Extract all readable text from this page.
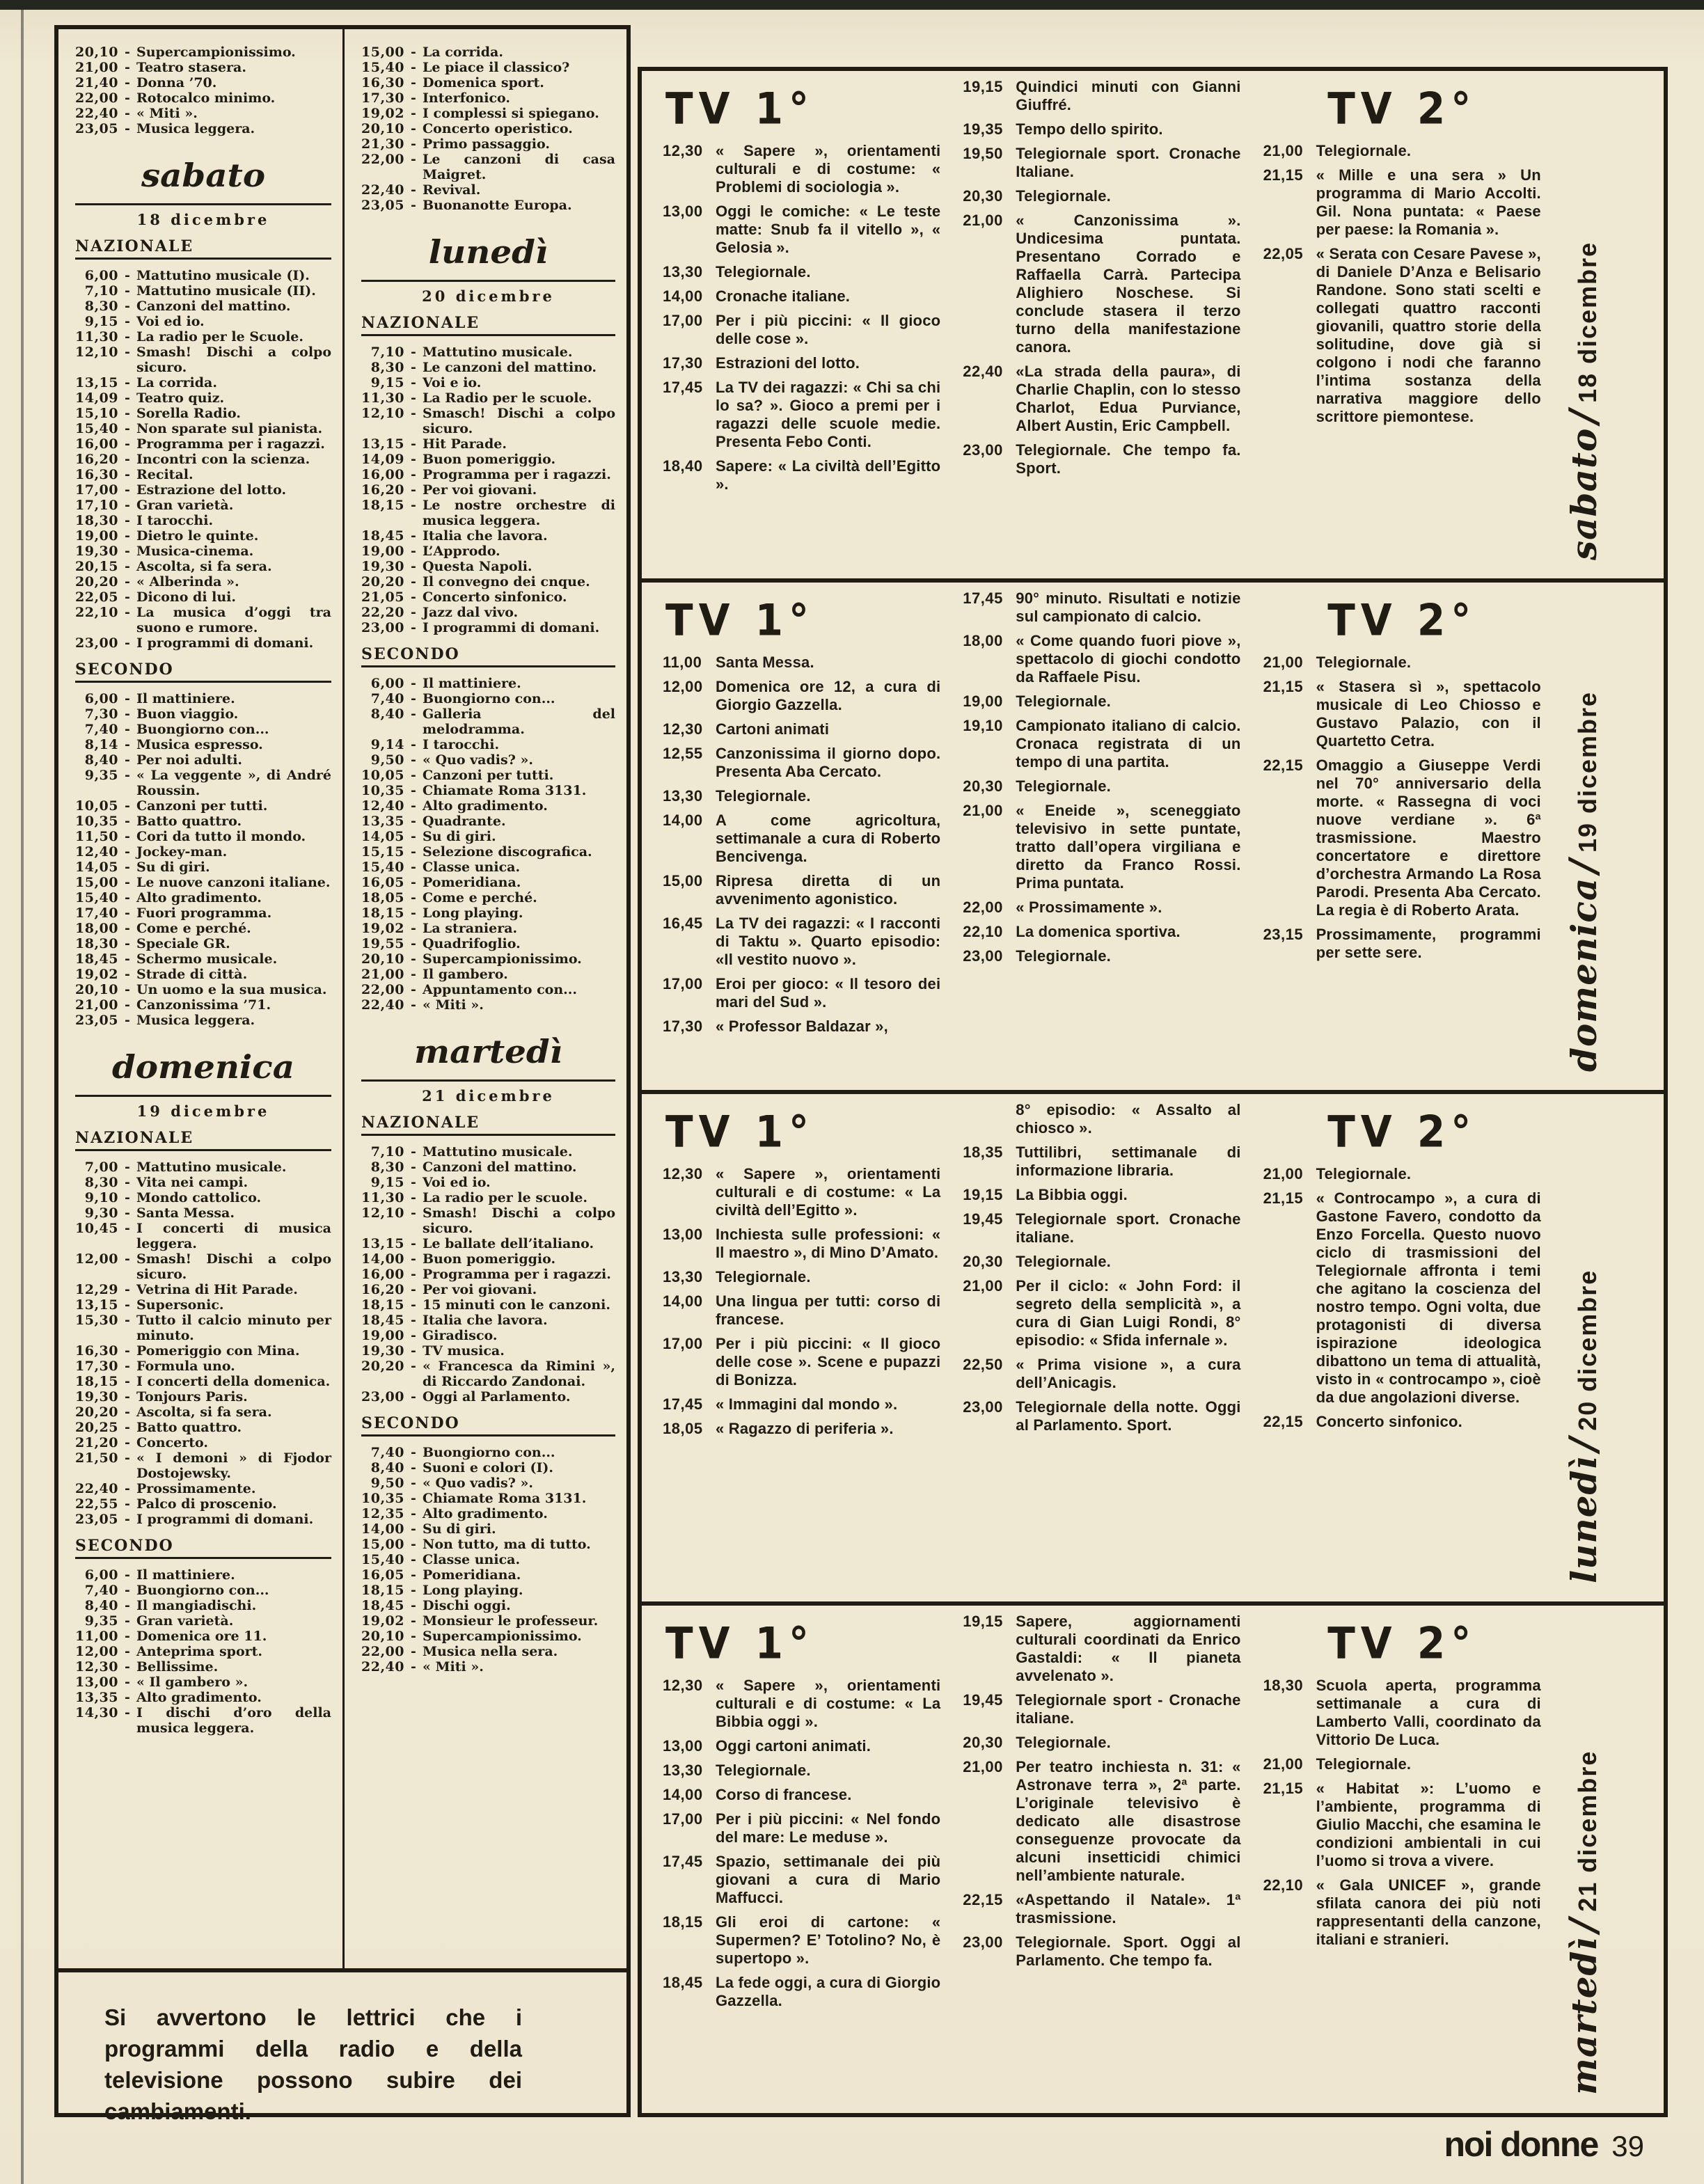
20,10 - Supercampionissimo.
21,00 - Teatro stasera.
21,40 - Donna ’70.
22,00 - Rotocalco minimo.
22,40 - « Miti ».
23,05 - Musica leggera.
sabato
18 dicembre
NAZIONALE
6,00 - Mattutino musicale (I).
7,10 - Mattutino musicale (II).
8,30 - Canzoni del mattino.
9,15 - Voi ed io.
11,30 - La radio per le Scuole.
12,10 - Smash! Dischi a colpo sicuro.
13,15 - La corrida.
14,09 - Teatro quiz.
15,10 - Sorella Radio.
15,40 - Non sparate sul pianista.
16,00 - Programma per i ragazzi.
16,20 - Incontri con la scienza.
16,30 - Recital.
17,00 - Estrazione del lotto.
17,10 - Gran varietà.
18,30 - I tarocchi.
19,00 - Dietro le quinte.
19,30 - Musica-cinema.
20,15 - Ascolta, si fa sera.
20,20 - « Alberinda ».
22,05 - Dicono di lui.
22,10 - La musica d’oggi tra suono e rumore.
23,00 - I programmi di domani.
SECONDO
6,00 - Il mattiniere.
7,30 - Buon viaggio.
7,40 - Buongiorno con...
8,14 - Musica espresso.
8,40 - Per noi adulti.
9,35 - « La veggente », di André Roussin.
10,05 - Canzoni per tutti.
10,35 - Batto quattro.
11,50 - Cori da tutto il mondo.
12,40 - Jockey-man.
14,05 - Su di giri.
15,00 - Le nuove canzoni italiane.
15,40 - Alto gradimento.
17,40 - Fuori programma.
18,00 - Come e perché.
18,30 - Speciale GR.
18,45 - Schermo musicale.
19,02 - Strade di città.
20,10 - Un uomo e la sua musica.
21,00 - Canzonissima ’71.
23,05 - Musica leggera.
domenica
19 dicembre
NAZIONALE
7,00 - Mattutino musicale.
8,30 - Vita nei campi.
9,10 - Mondo cattolico.
9,30 - Santa Messa.
10,45 - I concerti di musica leggera.
12,00 - Smash! Dischi a colpo sicuro.
12,29 - Vetrina di Hit Parade.
13,15 - Supersonic.
15,30 - Tutto il calcio minuto per minuto.
16,30 - Pomeriggio con Mina.
17,30 - Formula uno.
18,15 - I concerti della domenica.
19,30 - Tonjours Paris.
20,20 - Ascolta, si fa sera.
20,25 - Batto quattro.
21,20 - Concerto.
21,50 - « I demoni » di Fjodor Dostojewsky.
22,40 - Prossimamente.
22,55 - Palco di proscenio.
23,05 - I programmi di domani.
SECONDO
6,00 - Il mattiniere.
7,40 - Buongiorno con...
8,40 - Il mangiadischi.
9,35 - Gran varietà.
11,00 - Domenica ore 11.
12,00 - Anteprima sport.
12,30 - Bellissime.
13,00 - « Il gambero ».
13,35 - Alto gradimento.
14,30 - I dischi d’oro della musica leggera.
15,00 - La corrida.
15,40 - Le piace il classico?
16,30 - Domenica sport.
17,30 - Interfonico.
19,02 - I complessi si spiegano.
20,10 - Concerto operistico.
21,30 - Primo passaggio.
22,00 - Le canzoni di casa Maigret.
22,40 - Revival.
23,05 - Buonanotte Europa.
lunedì
20 dicembre
NAZIONALE
7,10 - Mattutino musicale.
8,30 - Le canzoni del mattino.
9,15 - Voi e io.
11,30 - La Radio per le scuole.
12,10 - Smasch! Dischi a colpo sicuro.
13,15 - Hit Parade.
14,09 - Buon pomeriggio.
16,00 - Programma per i ragazzi.
16,20 - Per voi giovani.
18,15 - Le nostre orchestre di musica leggera.
18,45 - Italia che lavora.
19,00 - L’Approdo.
19,30 - Questa Napoli.
20,20 - Il convegno dei cnque.
21,05 - Concerto sinfonico.
22,20 - Jazz dal vivo.
23,00 - I programmi di domani.
SECONDO
6,00 - Il mattiniere.
7,40 - Buongiorno con...
8,40 - Galleria del melodramma.
9,14 - I tarocchi.
9,50 - « Quo vadis? ».
10,05 - Canzoni per tutti.
10,35 - Chiamate Roma 3131.
12,40 - Alto gradimento.
13,35 - Quadrante.
14,05 - Su di giri.
15,15 - Selezione discografica.
15,40 - Classe unica.
16,05 - Pomeridiana.
18,05 - Come e perché.
18,15 - Long playing.
19,02 - La straniera.
19,55 - Quadrifoglio.
20,10 - Supercampionissimo.
21,00 - Il gambero.
22,00 - Appuntamento con...
22,40 - « Miti ».
martedì
21 dicembre
NAZIONALE
7,10 - Mattutino musicale.
8,30 - Canzoni del mattino.
9,15 - Voi ed io.
11,30 - La radio per le scuole.
12,10 - Smash! Dischi a colpo sicuro.
13,15 - Le ballate dell’italiano.
14,00 - Buon pomeriggio.
16,00 - Programma per i ragazzi.
16,20 - Per voi giovani.
18,15 - 15 minuti con le canzoni.
18,45 - Italia che lavora.
19,00 - Giradisco.
19,30 - TV musica.
20,20 - « Francesca da Rimini », di Riccardo Zandonai.
23,00 - Oggi al Parlamento.
SECONDO
7,40 - Buongiorno con...
8,40 - Suoni e colori (I).
9,50 - « Quo vadis? ».
10,35 - Chiamate Roma 3131.
12,35 - Alto gradimento.
14,00 - Su di giri.
15,00 - Non tutto, ma di tutto.
15,40 - Classe unica.
16,05 - Pomeridiana.
18,15 - Long playing.
18,45 - Dischi oggi.
19,02 - Monsieur le professeur.
20,10 - Supercampionissimo.
22,00 - Musica nella sera.
22,40 - « Miti ».
Si avvertono le lettrici che i programmi della radio e della televisione possono subire dei cambiamenti.
TV 1°
12,30 « Sapere », orientamenti culturali e di costume: « Problemi di sociologia ».
13,00 Oggi le comiche: « Le teste matte: Snub fa il vitello », « Gelosia ».
13,30 Telegiornale.
14,00 Cronache italiane.
17,00 Per i più piccini: « Il gioco delle cose ».
17,30 Estrazioni del lotto.
17,45 La TV dei ragazzi: « Chi sa chi lo sa? ». Gioco a premi per i ragazzi delle scuole medie. Presenta Febo Conti.
18,40 Sapere: « La civiltà dell’Egitto ».
19,15 Quindici minuti con Gianni Giuffré.
19,35 Tempo dello spirito.
19,50 Telegiornale sport. Cronache Italiane.
20,30 Telegiornale.
21,00 « Canzonissima ». Undicesima puntata. Presentano Corrado e Raffaella Carrà. Partecipa Alighiero Noschese. Si conclude stasera il terzo turno della manifestazione canora.
22,40 «La strada della paura», di Charlie Chaplin, con lo stesso Charlot, Edua Purviance, Albert Austin, Eric Campbell.
23,00 Telegiornale. Che tempo fa. Sport.
TV 2°
21,00 Telegiornale.
21,15 « Mille e una sera » Un programma di Mario Accolti. Gil. Nona puntata: « Paese per paese: la Romania ».
22,05 « Serata con Cesare Pavese », di Daniele D’Anza e Belisario Randone. Sono stati scelti e collegati quattro racconti giovanili, quattro storie della solitudine, dove già si colgono i nodi che faranno l’intima sostanza della narrativa maggiore dello scrittore piemontese.
sabato/18 dicembre
TV 1°
11,00 Santa Messa.
12,00 Domenica ore 12, a cura di Giorgio Gazzella.
12,30 Cartoni animati
12,55 Canzonissima il giorno dopo. Presenta Aba Cercato.
13,30 Telegiornale.
14,00 A come agricoltura, settimanale a cura di Roberto Bencivenga.
15,00 Ripresa diretta di un avvenimento agonistico.
16,45 La TV dei ragazzi: « I racconti di Taktu ». Quarto episodio: «Il vestito nuovo ».
17,00 Eroi per gioco: « Il tesoro dei mari del Sud ».
17,30 « Professor Baldazar »,
17,45 90° minuto. Risultati e notizie sul campionato di calcio.
18,00 « Come quando fuori piove », spettacolo di giochi condotto da Raffaele Pisu.
19,00 Telegiornale.
19,10 Campionato italiano di calcio. Cronaca registrata di un tempo di una partita.
20,30 Telegiornale.
21,00 « Eneide », sceneggiato televisivo in sette puntate, tratto dall’opera virgiliana e diretto da Franco Rossi. Prima puntata.
22,00 « Prossimamente ».
22,10 La domenica sportiva.
23,00 Telegiornale.
TV 2°
21,00 Telegiornale.
21,15 « Stasera sì », spettacolo musicale di Leo Chiosso e Gustavo Palazio, con il Quartetto Cetra.
22,15 Omaggio a Giuseppe Verdi nel 70° anniversario della morte. « Rassegna di voci nuove verdiane ». 6ª trasmissione. Maestro concertatore e direttore d’orchestra Armando La Rosa Parodi. Presenta Aba Cercato. La regia è di Roberto Arata.
23,15 Prossimamente, programmi per sette sere.	domenica/19 dicembre
TV 1°
12,30 « Sapere », orientamenti culturali e di costume: « La civiltà dell’Egitto ».
13,00 Inchiesta sulle professioni: « Il maestro », di Mino D’Amato.
13,30 Telegiornale.
14,00 Una lingua per tutti: corso di francese.
17,00 Per i più piccini: « Il gioco delle cose ». Scene e pupazzi di Bonizza.
17,45 « Immagini dal mondo ».
18,05 « Ragazzo di periferia ».
8° episodio: « Assalto al chiosco ».
18,35 Tuttilibri, settimanale di informazione libraria.
19,15 La Bibbia oggi.
19,45 Telegiornale sport. Cronache italiane.
20,30 Telegiornale.
21,00 Per il ciclo: « John Ford: il segreto della semplicità », a cura di Gian Luigi Rondi, 8° episodio: « Sfida infernale ».
22,50 « Prima visione », a cura dell’Anicagis.
23,00 Telegiornale della notte. Oggi al Parlamento. Sport.
TV 2°
21,00 Telegiornale.
21,15 « Controcampo », a cura di Gastone Favero, condotto da Enzo Forcella. Questo nuovo ciclo di trasmissioni del Telegiornale affronta i temi che agitano la coscienza del nostro tempo. Ogni volta, due protagonisti di diversa ispirazione ideologica dibattono un tema di attualità, visto in « controcampo », cioè da due angolazioni diverse.
22,15 Concerto sinfonico.
lunedì/20 dicembre
TV 1°
12,30 « Sapere », orientamenti culturali e di costume: « La Bibbia oggi ».
13,00 Oggi cartoni animati.
13,30 Telegiornale.
14,00 Corso di francese.
17,00 Per i più piccini: « Nel fondo del mare: Le meduse ».
17,45 Spazio, settimanale dei più giovani a cura di Mario Maffucci.
18,15 Gli eroi di cartone: « Supermen? E’ Totolino? No, è supertopo ».
18,45 La fede oggi, a cura di Giorgio Gazzella.
19,15 Sapere, aggiornamenti culturali coordinati da Enrico Gastaldi: « Il pianeta avvelenato ».
19,45 Telegiornale sport - Cronache italiane.
20,30 Telegiornale.
21,00 Per teatro inchiesta n. 31: « Astronave terra », 2ª parte. L’originale televisivo è dedicato alle disastrose conseguenze provocate da alcuni insetticidi chimici nell’ambiente naturale.
22,15 «Aspettando il Natale». 1ª trasmissione.
23,00 Telegiornale. Sport. Oggi al Parlamento. Che tempo fa.
TV 2°
18,30 Scuola aperta, programma settimanale a cura di Lamberto Valli, coordinato da Vittorio De Luca.
21,00 Telegiornale.
21,15 « Habitat »: L’uomo e l’ambiente, programma di Giulio Macchi, che esamina le condizioni ambientali in cui l’uomo si trova a vivere.
22,10 « Gala UNICEF », grande sfilata canora dei più noti rappresentanti della canzone, italiani e stranieri.	martedì/21 dicembre
noi donne 39
